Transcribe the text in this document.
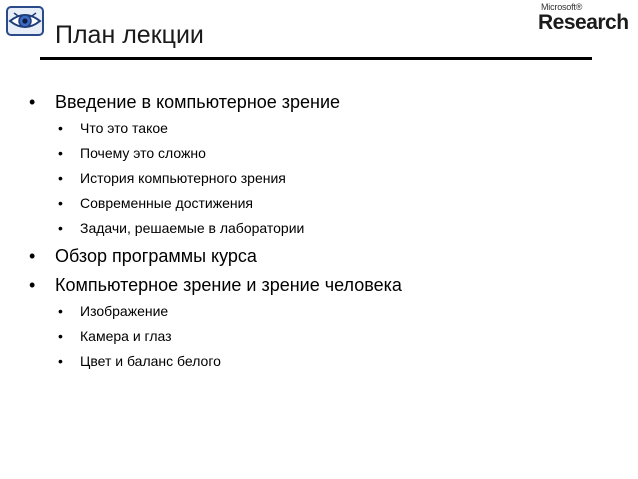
План лекции
Microsoft®
Research
• Введение в компьютерное зрение
• Что это такое
• Почему это сложно
• История компьютерного зрения
• Современные достижения
• Задачи, решаемые в лаборатории
• Обзор программы курса
• Компьютерное зрение и зрение человека
• Изображение
• Камера и глаз
• Цвет и баланс белого
